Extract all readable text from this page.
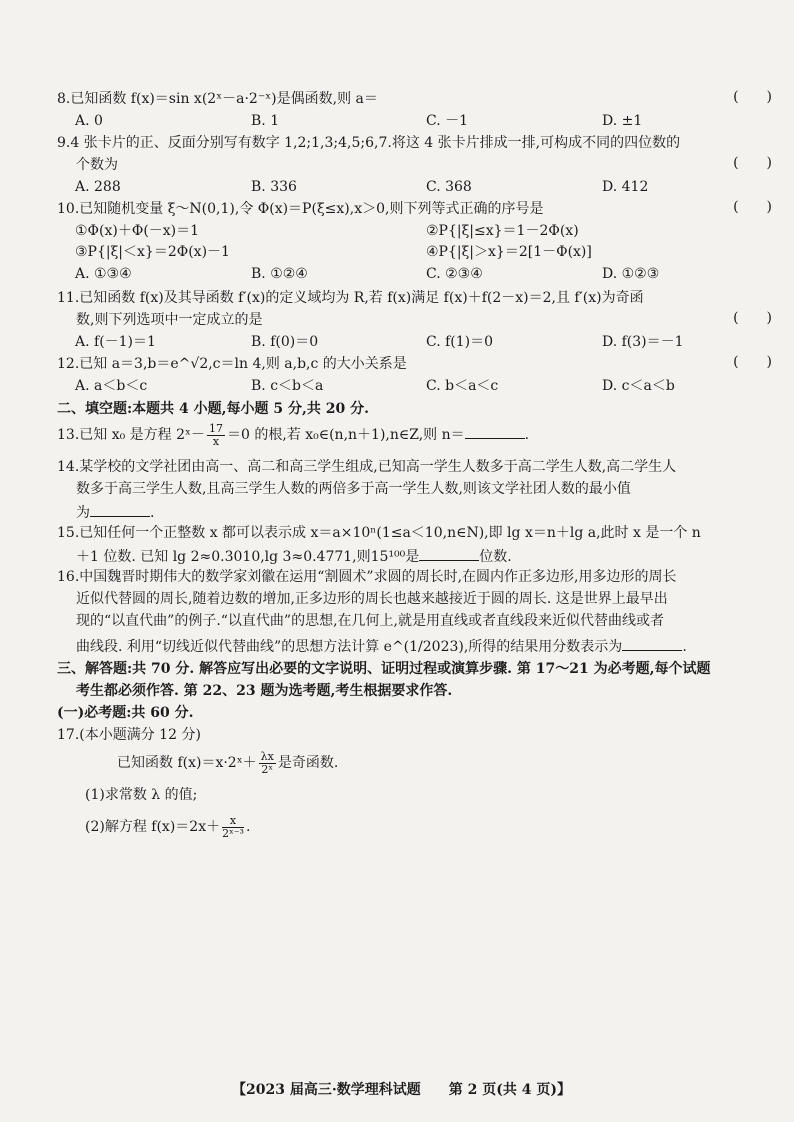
8.已知函数 f(x)＝sin x(2ˣ－a·2⁻ˣ)是偶函数,则 a＝	(　　)
A. 0	B. 1	C. －1	D. ±1
9.4 张卡片的正、反面分别写有数字 1,2;1,3;4,5;6,7.将这 4 张卡片排成一排,可构成不同的四位数的
个数为	(　　)
A. 288	B. 336	C. 368	D. 412
10.已知随机变量 ξ～N(0,1),令 Φ(x)＝P(ξ≤x),x＞0,则下列等式正确的序号是	(　　)
①Φ(x)＋Φ(－x)＝1	②P{|ξ|≤x}＝1－2Φ(x)
③P{|ξ|＜x}＝2Φ(x)－1	④P{|ξ|＞x}＝2[1－Φ(x)]
A. ①③④	B. ①②④	C. ②③④	D. ①②③
11.已知函数 f(x)及其导函数 f′(x)的定义域均为 R,若 f(x)满足 f(x)＋f(2－x)＝2,且 f′(x)为奇函
数,则下列选项中一定成立的是	(　　)
A. f(－1)＝1	B. f(0)＝0	C. f(1)＝0	D. f(3)＝－1
12.已知 a＝3,b＝e^√2,c＝ln 4,则 a,b,c 的大小关系是	(　　)
A. a＜b＜c	B. c＜b＜a	C. b＜a＜c	D. c＜a＜b
二、填空题:本题共 4 小题,每小题 5 分,共 20 分.
13.已知 x₀ 是方程 2ˣ－ $\frac{17}{x} =0$ 的根,若 x₀∈(n,n＋1),n∈Z,则 n＝	.
14.某学校的文学社团由高一、高二和高三学生组成,已知高一学生人数多于高二学生人数,高二学生人
数多于高三学生人数,且高三学生人数的两倍多于高一学生人数,则该文学社团人数的最小值
为	.
15.已知任何一个正整数 x 都可以表示成 x＝a×10ⁿ(1≤a＜10,n∈N),即 lg x＝n＋lg a,此时 x 是一个 n
＋1 位数. 已知 lg 2≈0.3010,lg 3≈0.4771,则15¹⁰⁰是	位数.
16.中国魏晋时期伟大的数学家刘徽在运用“割圆术”求圆的周长时,在圆内作正多边形,用多边形的周长
近似代替圆的周长,随着边数的增加,正多边形的周长也越来越接近于圆的周长. 这是世界上最早出
现的“以直代曲”的例子.“以直代曲”的思想,在几何上,就是用直线或者直线段来近似代替曲线或者
曲线段. 利用“切线近似代替曲线”的思想方法计算 e^(1/2023),所得的结果用分数表示为	.
三、解答题:共 70 分. 解答应写出必要的文字说明、证明过程或演算步骤. 第 17～21 为必考题,每个试题
考生都必须作答. 第 22、23 题为选考题,考生根据要求作答.
(一)必考题:共 60 分.
17.(本小题满分 12 分)
已知函数 f(x)＝x·2ˣ＋ $\frac{\lambda x}{\text{2ˣ}}$ 是奇函数.
(1)求常数 λ 的值;
(2)解方程 $f(x)=2x+ \frac{x}{\text{2ˣ⁻³}}$ .
【2023 届高三·数学理科试题　　第 2 页(共 4 页)】
